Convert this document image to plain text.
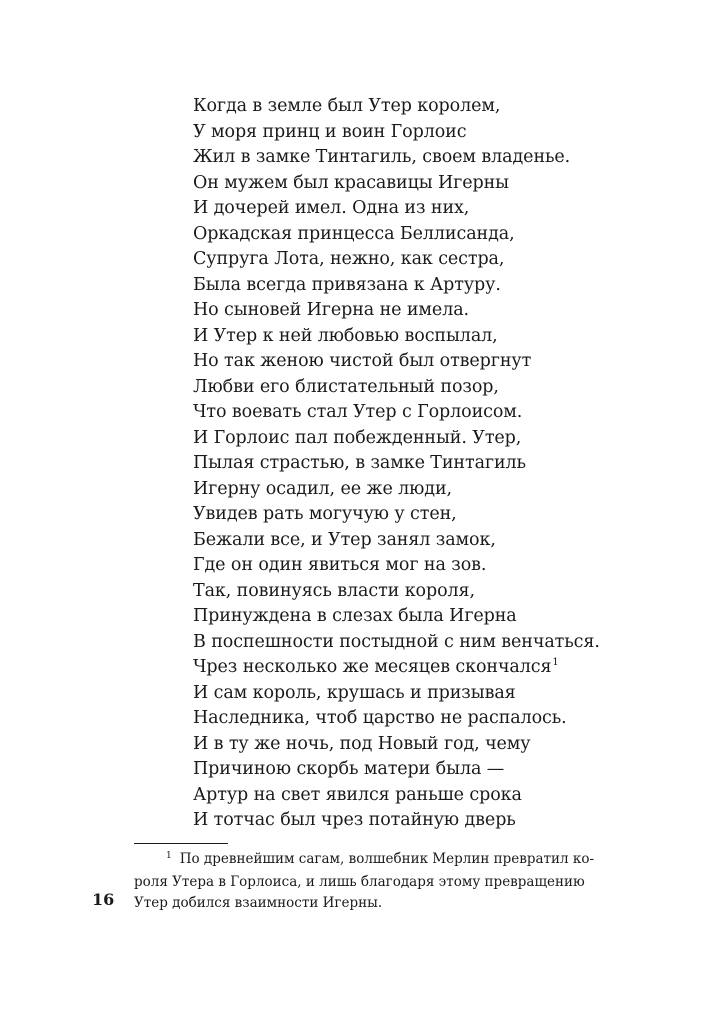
Когда в земле был Утер королем,
У моря принц и воин Горлоис
Жил в замке Тинтагиль, своем владенье.
Он мужем был красавицы Игерны
И дочерей имел. Одна из них,
Оркадская принцесса Беллисанда,
Супруга Лота, нежно, как сестра,
Была всегда привязана к Артуру.
Но сыновей Игерна не имела.
И Утер к ней любовью воспылал,
Но так женою чистой был отвергнут
Любви его блистательный позор,
Что воевать стал Утер с Горлоисом.
И Горлоис пал побежденный. Утер,
Пылая страстью, в замке Тинтагиль
Игерну осадил, ее же люди,
Увидев рать могучую у стен,
Бежали все, и Утер занял замок,
Где он один явиться мог на зов.
Так, повинуясь власти короля,
Принуждена в слезах была Игерна
В поспешности постыдной с ним венчаться.
Чрез несколько же месяцев скончался$^1$
И сам король, крушась и призывая
Наследника, чтоб царство не распалось.
И в ту же ночь, под Новый год, чему
Причиною скорбь матери была —
Артур на свет явился раньше срока
И тотчас был чрез потайную дверь
$^1$ По древнейшим сагам, волшебник Мерлин превратил ко-
роля Утера в Горлоиса, и лишь благодаря этому превращению
Утер добился взаимности Игерны.
16
